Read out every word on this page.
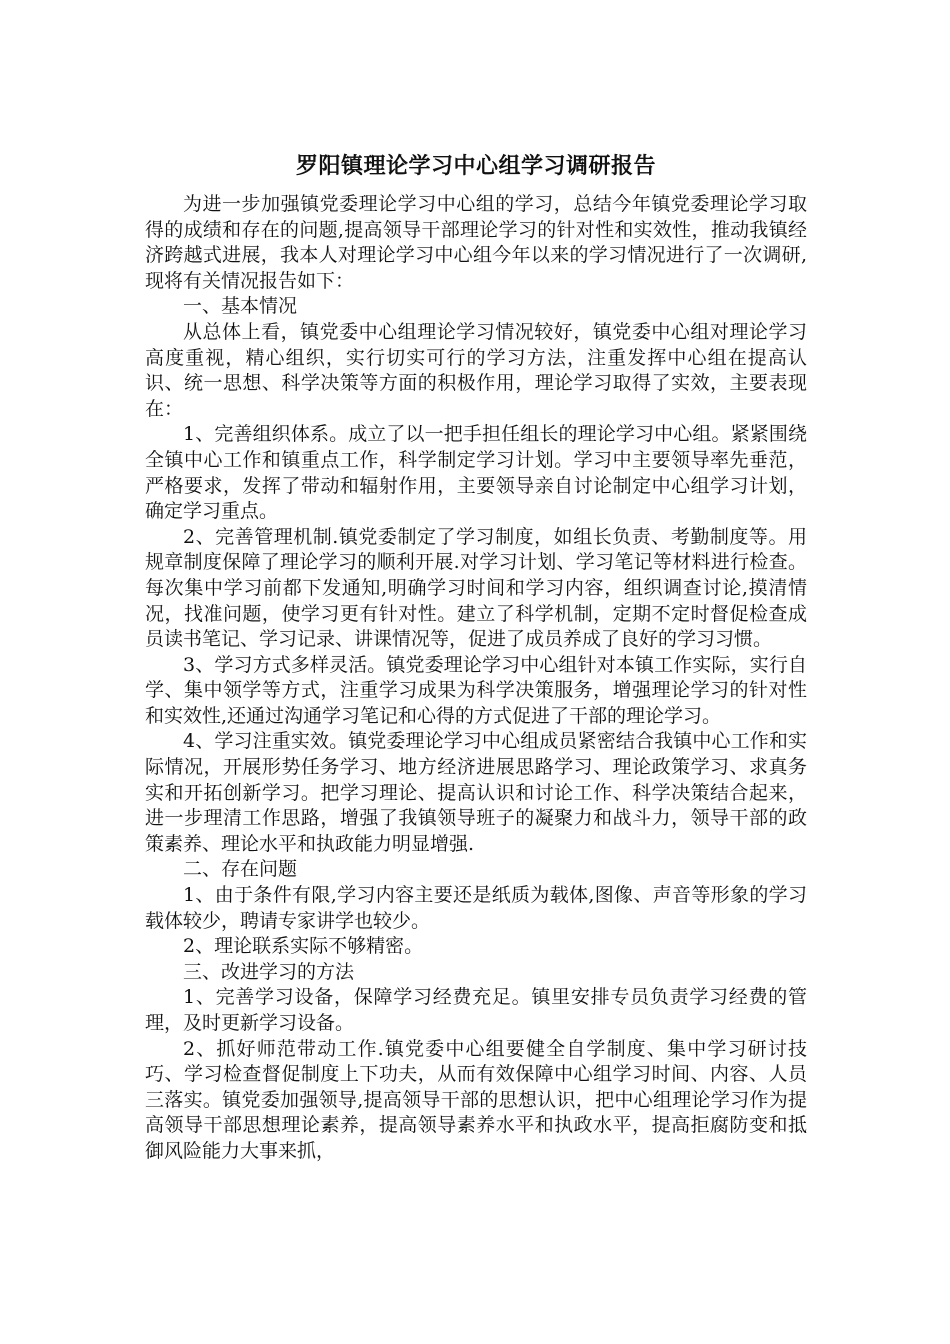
罗阳镇理论学习中心组学习调研报告

为进一步加强镇党委理论学习中心组的学习，总结今年镇党委理论学习取得的成绩和存在的问题,提高领导干部理论学习的针对性和实效性，推动我镇经济跨越式进展，我本人对理论学习中心组今年以来的学习情况进行了一次调研,现将有关情况报告如下：

一、基本情况

从总体上看，镇党委中心组理论学习情况较好，镇党委中心组对理论学习高度重视，精心组织，实行切实可行的学习方法，注重发挥中心组在提高认识、统一思想、科学决策等方面的积极作用，理论学习取得了实效，主要表现在：

1、完善组织体系。成立了以一把手担任组长的理论学习中心组。紧紧围绕全镇中心工作和镇重点工作，科学制定学习计划。学习中主要领导率先垂范，严格要求，发挥了带动和辐射作用，主要领导亲自讨论制定中心组学习计划，确定学习重点。

2、完善管理机制.镇党委制定了学习制度，如组长负责、考勤制度等。用规章制度保障了理论学习的顺利开展.对学习计划、学习笔记等材料进行检查。每次集中学习前都下发通知,明确学习时间和学习内容，组织调查讨论,摸清情况，找准问题，使学习更有针对性。建立了科学机制，定期不定时督促检查成员读书笔记、学习记录、讲课情况等，促进了成员养成了良好的学习习惯。

3、学习方式多样灵活。镇党委理论学习中心组针对本镇工作实际，实行自学、集中领学等方式，注重学习成果为科学决策服务，增强理论学习的针对性和实效性,还通过沟通学习笔记和心得的方式促进了干部的理论学习。

4、学习注重实效。镇党委理论学习中心组成员紧密结合我镇中心工作和实际情况，开展形势任务学习、地方经济进展思路学习、理论政策学习、求真务实和开拓创新学习。把学习理论、提高认识和讨论工作、科学决策结合起来，进一步理清工作思路，增强了我镇领导班子的凝聚力和战斗力，领导干部的政策素养、理论水平和执政能力明显增强.

二、存在问题

1、由于条件有限,学习内容主要还是纸质为载体,图像、声音等形象的学习载体较少，聘请专家讲学也较少。

2、理论联系实际不够精密。

三、改进学习的方法

1、完善学习设备，保障学习经费充足。镇里安排专员负责学习经费的管理，及时更新学习设备。

2、抓好师范带动工作.镇党委中心组要健全自学制度、集中学习研讨技巧、学习检查督促制度上下功夫，从而有效保障中心组学习时间、内容、人员三落实。镇党委加强领导,提高领导干部的思想认识，把中心组理论学习作为提高领导干部思想理论素养，提高领导素养水平和执政水平，提高拒腐防变和抵御风险能力大事来抓，
